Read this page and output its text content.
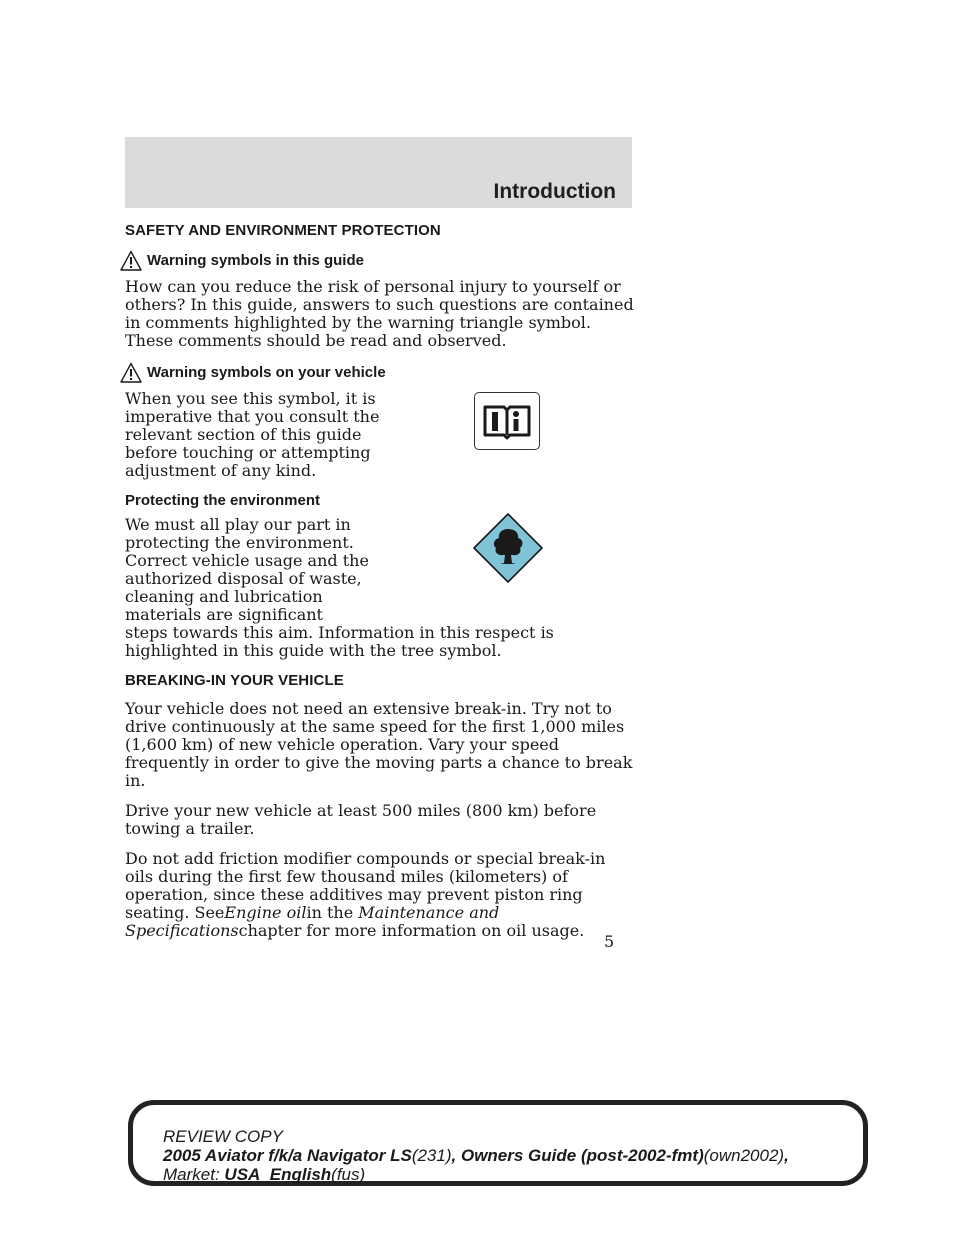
Introduction
SAFETY AND ENVIRONMENT PROTECTION
Warning symbols in this guide

How can you reduce the risk of personal injury to yourself or others? In this guide, answers to such questions are contained in comments highlighted by the warning triangle symbol. These comments should be read and observed.

Warning symbols on your vehicle

When you see this symbol, it is imperative that you consult the relevant section of this guide before touching or attempting adjustment of any kind.

Protecting the environment
We must all play our part in protecting the environment. Correct vehicle usage and the authorized disposal of waste, cleaning and lubrication materials are significant

steps towards this aim. Information in this respect is highlighted in this guide with the tree symbol.

BREAKING-IN YOUR VEHICLE

Your vehicle does not need an extensive break-in. Try not to drive continuously at the same speed for the first 1,000 miles (1,600 km) of new vehicle operation. Vary your speed frequently in order to give the moving parts a chance to break in.

Drive your new vehicle at least 500 miles (800 km) before towing a trailer.

Do not add friction modifier compounds or special break-in oils during the first few thousand miles (kilometers) of operation, since these additives may prevent piston ring seating. SeeEngine oilin the Maintenance and Specificationschapter for more information on oil usage.

5
REVIEW COPY
2005 Aviator f/k/a Navigator LS(231), Owners Guide (post-2002-fmt)(own2002),
Market: USA_English(fus)
